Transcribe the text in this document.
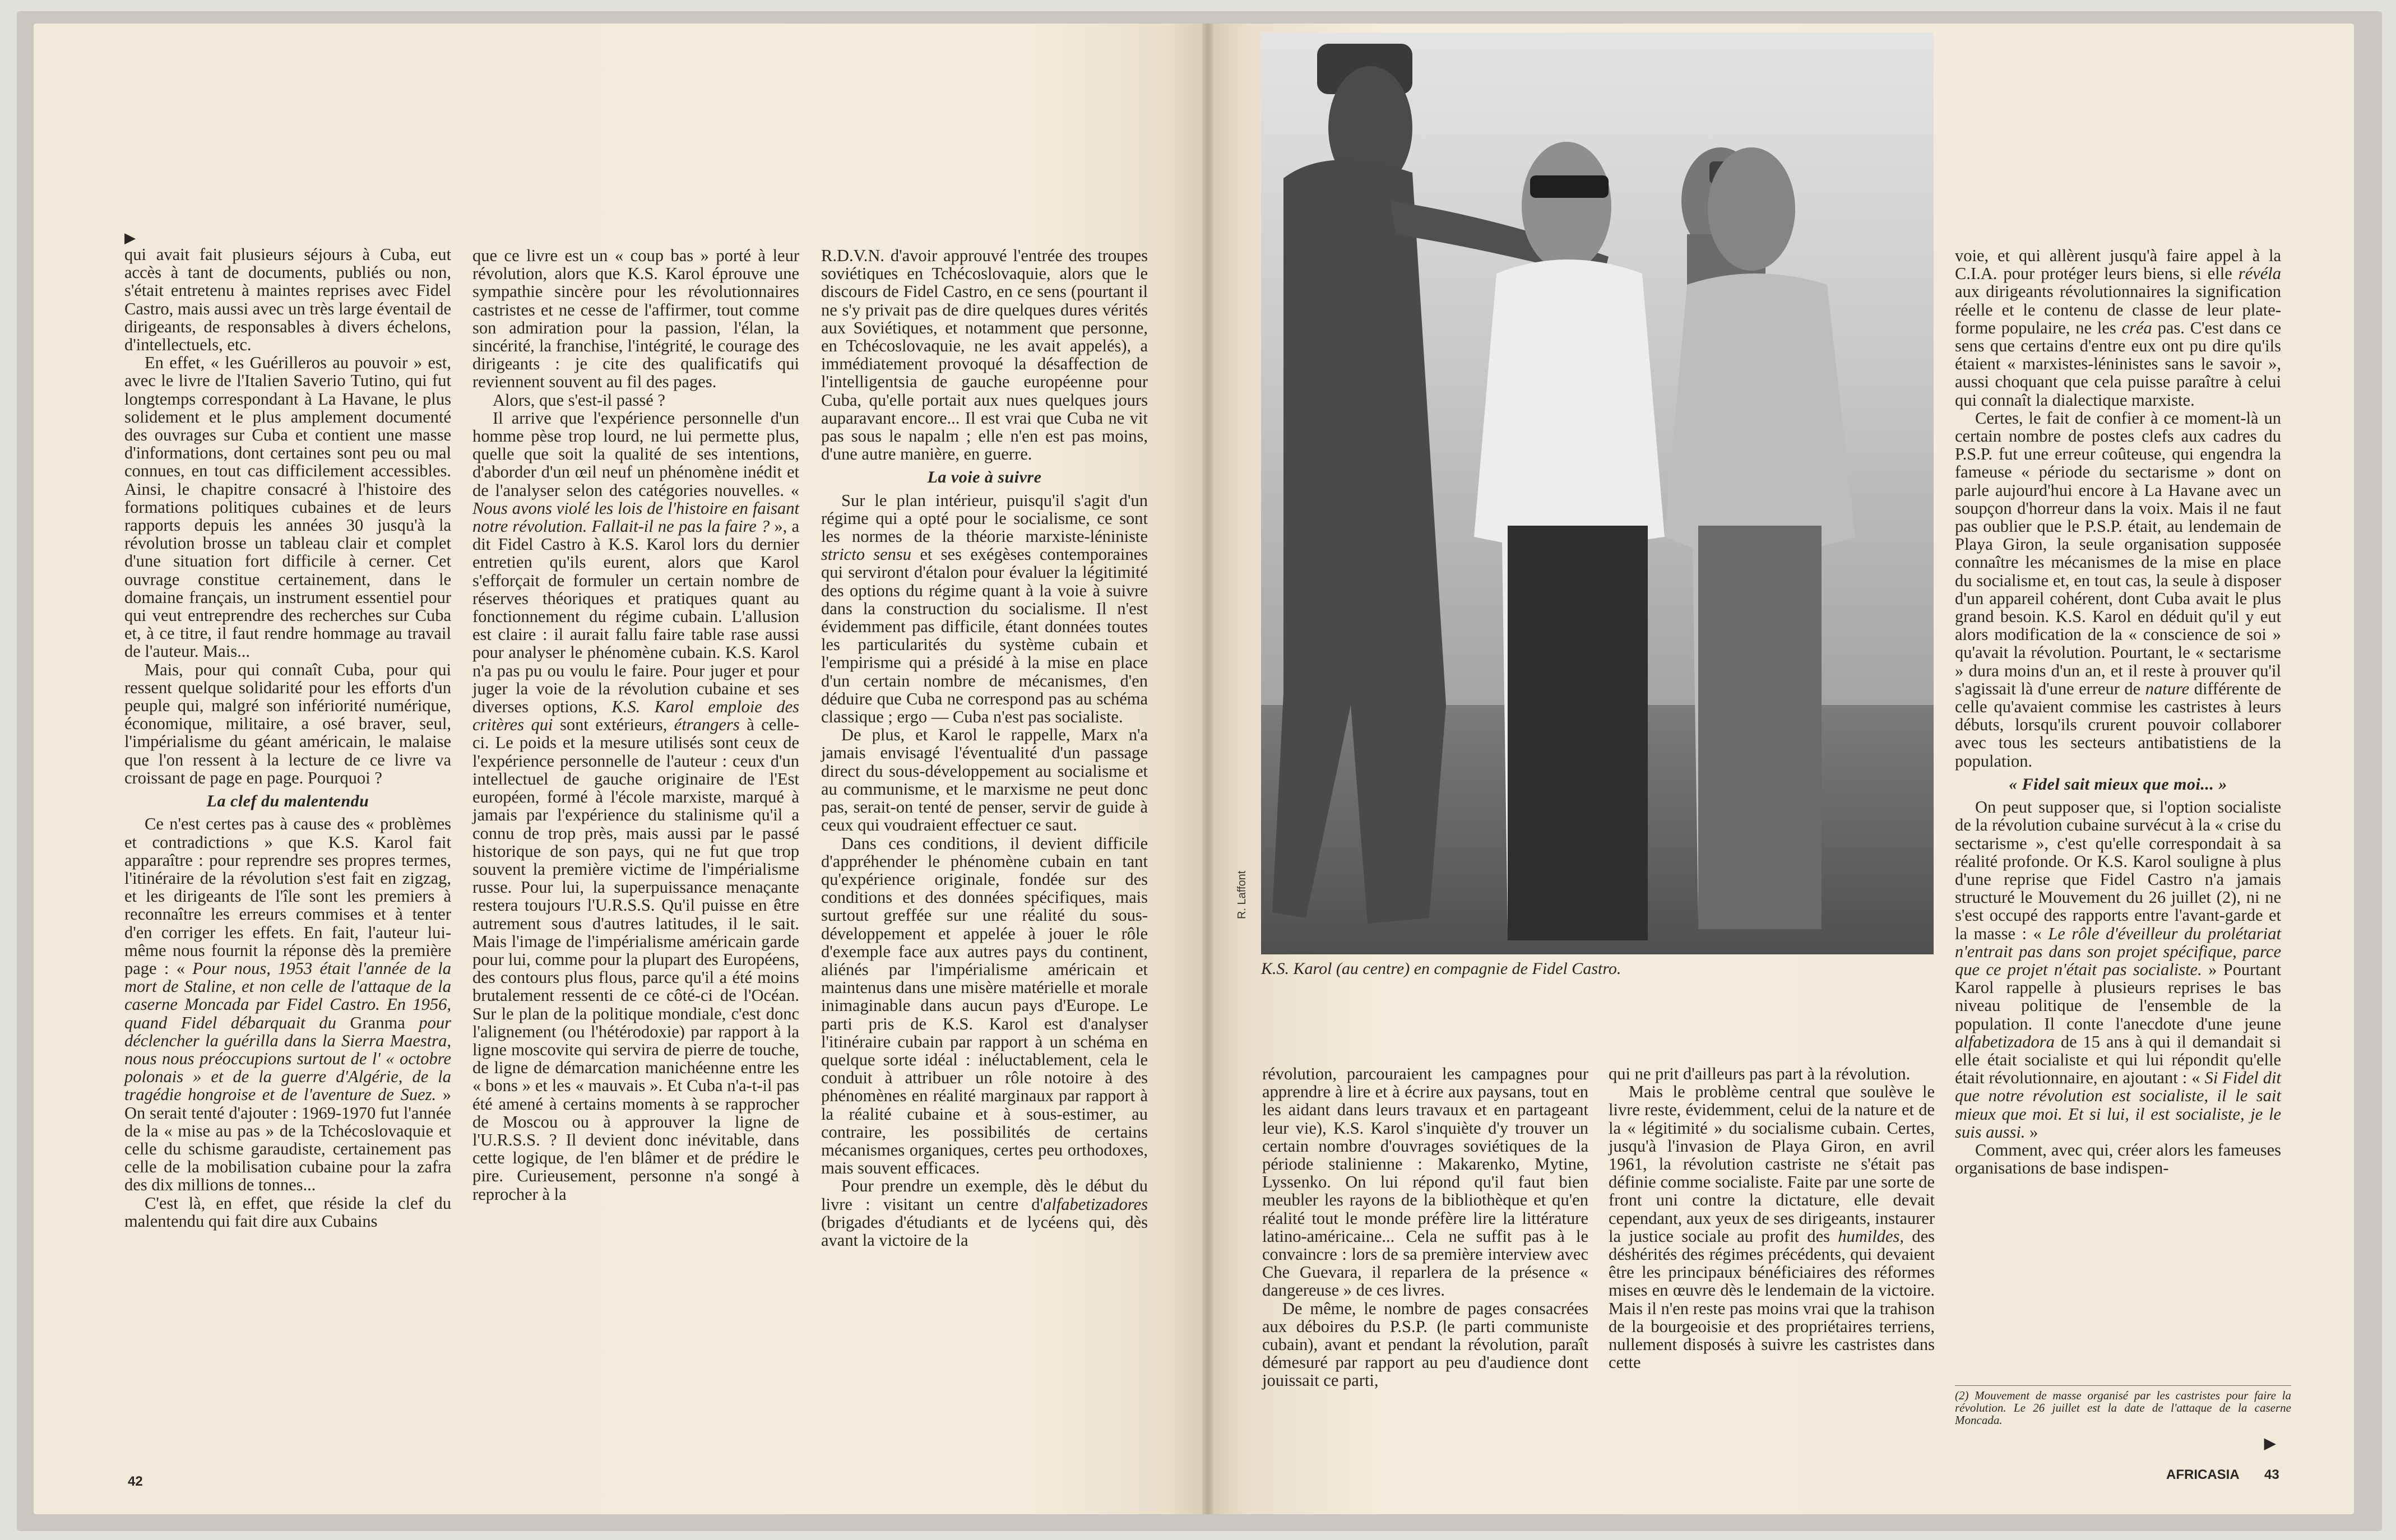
▶

qui avait fait plusieurs séjours à Cuba, eut accès à tant de documents, publiés ou non, s'était entretenu à maintes reprises avec Fidel Castro, mais aussi avec un très large éventail de dirigeants, de responsables à divers échelons, d'intellectuels, etc.

En effet, « les Guérilleros au pouvoir » est, avec le livre de l'Italien Saverio Tutino, qui fut longtemps correspondant à La Havane, le plus solidement et le plus amplement documenté des ouvrages sur Cuba et contient une masse d'informations, dont certaines sont peu ou mal connues, en tout cas difficilement accessibles. Ainsi, le chapitre consacré à l'histoire des formations politiques cubaines et de leurs rapports depuis les années 30 jusqu'à la révolution brosse un tableau clair et complet d'une situation fort difficile à cerner. Cet ouvrage constitue certainement, dans le domaine français, un instrument essentiel pour qui veut entreprendre des recherches sur Cuba et, à ce titre, il faut rendre hommage au travail de l'auteur. Mais...

Mais, pour qui connaît Cuba, pour qui ressent quelque solidarité pour les efforts d'un peuple qui, malgré son infériorité numérique, économique, militaire, a osé braver, seul, l'impérialisme du géant américain, le malaise que l'on ressent à la lecture de ce livre va croissant de page en page. Pourquoi ?

La clef du malentendu

Ce n'est certes pas à cause des « problèmes et contradictions » que K.S. Karol fait apparaître : pour reprendre ses propres termes, l'itinéraire de la révolution s'est fait en zigzag, et les dirigeants de l'île sont les premiers à reconnaître les erreurs commises et à tenter d'en corriger les effets. En fait, l'auteur lui-même nous fournit la réponse dès la première page : « Pour nous, 1953 était l'année de la mort de Staline, et non celle de l'attaque de la caserne Moncada par Fidel Castro. En 1956, quand Fidel débarquait du Granma pour déclencher la guérilla dans la Sierra Maestra, nous nous préoccupions surtout de l' « octobre polonais » et de la guerre d'Algérie, de la tragédie hongroise et de l'aventure de Suez. » On serait tenté d'ajouter : 1969-1970 fut l'année de la « mise au pas » de la Tchécoslovaquie et celle du schisme garaudiste, certainement pas celle de la mobilisation cubaine pour la zafra des dix millions de tonnes...

C'est là, en effet, que réside la clef du malentendu qui fait dire aux Cubains

que ce livre est un « coup bas » porté à leur révolution, alors que K.S. Karol éprouve une sympathie sincère pour les révolutionnaires castristes et ne cesse de l'affirmer, tout comme son admiration pour la passion, l'élan, la sincérité, la franchise, l'intégrité, le courage des dirigeants : je cite des qualificatifs qui reviennent souvent au fil des pages.

Alors, que s'est-il passé ?

Il arrive que l'expérience personnelle d'un homme pèse trop lourd, ne lui permette plus, quelle que soit la qualité de ses intentions, d'aborder d'un œil neuf un phénomène inédit et de l'analyser selon des catégories nouvelles. « Nous avons violé les lois de l'histoire en faisant notre révolution. Fallait-il ne pas la faire ? », a dit Fidel Castro à K.S. Karol lors du dernier entretien qu'ils eurent, alors que Karol s'efforçait de formuler un certain nombre de réserves théoriques et pratiques quant au fonctionnement du régime cubain. L'allusion est claire : il aurait fallu faire table rase aussi pour analyser le phénomène cubain. K.S. Karol n'a pas pu ou voulu le faire. Pour juger et pour juger la voie de la révolution cubaine et ses diverses options, K.S. Karol emploie des critères qui sont extérieurs, étrangers à celle-ci. Le poids et la mesure utilisés sont ceux de l'expérience personnelle de l'auteur : ceux d'un intellectuel de gauche originaire de l'Est européen, formé à l'école marxiste, marqué à jamais par l'expérience du stalinisme qu'il a connu de trop près, mais aussi par le passé historique de son pays, qui ne fut que trop souvent la première victime de l'impérialisme russe. Pour lui, la superpuissance menaçante restera toujours l'U.R.S.S. Qu'il puisse en être autrement sous d'autres latitudes, il le sait. Mais l'image de l'impérialisme américain garde pour lui, comme pour la plupart des Européens, des contours plus flous, parce qu'il a été moins brutalement ressenti de ce côté-ci de l'Océan. Sur le plan de la politique mondiale, c'est donc l'alignement (ou l'hétérodoxie) par rapport à la ligne moscovite qui servira de pierre de touche, de ligne de démarcation manichéenne entre les « bons » et les « mauvais ». Et Cuba n'a-t-il pas été amené à certains moments à se rapprocher de Moscou ou à approuver la ligne de l'U.R.S.S. ? Il devient donc inévitable, dans cette logique, de l'en blâmer et de prédire le pire. Curieusement, personne n'a songé à reprocher à la

R.D.V.N. d'avoir approuvé l'entrée des troupes soviétiques en Tchécoslovaquie, alors que le discours de Fidel Castro, en ce sens (pourtant il ne s'y privait pas de dire quelques dures vérités aux Soviétiques, et notamment que personne, en Tchécoslovaquie, ne les avait appelés), a immédiatement provoqué la désaffection de l'intelligentsia de gauche européenne pour Cuba, qu'elle portait aux nues quelques jours auparavant encore... Il est vrai que Cuba ne vit pas sous le napalm ; elle n'en est pas moins, d'une autre manière, en guerre.

La voie à suivre

Sur le plan intérieur, puisqu'il s'agit d'un régime qui a opté pour le socialisme, ce sont les normes de la théorie marxiste-léniniste stricto sensu et ses exégèses contemporaines qui serviront d'étalon pour évaluer la légitimité des options du régime quant à la voie à suivre dans la construction du socialisme. Il n'est évidemment pas difficile, étant données toutes les particularités du système cubain et l'empirisme qui a présidé à la mise en place d'un certain nombre de mécanismes, d'en déduire que Cuba ne correspond pas au schéma classique ; ergo — Cuba n'est pas socialiste.

De plus, et Karol le rappelle, Marx n'a jamais envisagé l'éventualité d'un passage direct du sous-développement au socialisme et au communisme, et le marxisme ne peut donc pas, serait-on tenté de penser, servir de guide à ceux qui voudraient effectuer ce saut.

Dans ces conditions, il devient difficile d'appréhender le phénomène cubain en tant qu'expérience originale, fondée sur des conditions et des données spécifiques, mais surtout greffée sur une réalité du sous-développement et appelée à jouer le rôle d'exemple face aux autres pays du continent, aliénés par l'impérialisme américain et maintenus dans une misère matérielle et morale inimaginable dans aucun pays d'Europe. Le parti pris de K.S. Karol est d'analyser l'itinéraire cubain par rapport à un schéma en quelque sorte idéal : inéluctablement, cela le conduit à attribuer un rôle notoire à des phénomènes en réalité marginaux par rapport à la réalité cubaine et à sous-estimer, au contraire, les possibilités de certains mécanismes organiques, certes peu orthodoxes, mais souvent efficaces.

Pour prendre un exemple, dès le début du livre : visitant un centre d'alfabetizadores (brigades d'étudiants et de lycéens qui, dès avant la victoire de la

42
R. Laffont
K.S. Karol (au centre) en compagnie de Fidel Castro.

révolution, parcouraient les campagnes pour apprendre à lire et à écrire aux paysans, tout en les aidant dans leurs travaux et en partageant leur vie), K.S. Karol s'inquiète d'y trouver un certain nombre d'ouvrages soviétiques de la période stalinienne : Makarenko, Mytine, Lyssenko. On lui répond qu'il faut bien meubler les rayons de la bibliothèque et qu'en réalité tout le monde préfère lire la littérature latino-américaine... Cela ne suffit pas à le convaincre : lors de sa première interview avec Che Guevara, il reparlera de la présence « dangereuse » de ces livres.

De même, le nombre de pages consacrées aux déboires du P.S.P. (le parti communiste cubain), avant et pendant la révolution, paraît démesuré par rapport au peu d'audience dont jouissait ce parti,

qui ne prit d'ailleurs pas part à la révolution.

Mais le problème central que soulève le livre reste, évidemment, celui de la nature et de la « légitimité » du socialisme cubain. Certes, jusqu'à l'invasion de Playa Giron, en avril 1961, la révolution castriste ne s'était pas définie comme socialiste. Faite par une sorte de front uni contre la dictature, elle devait cependant, aux yeux de ses dirigeants, instaurer la justice sociale au profit des humildes, des déshérités des régimes précédents, qui devaient être les principaux bénéficiaires des réformes mises en œuvre dès le lendemain de la victoire. Mais il n'en reste pas moins vrai que la trahison de la bourgeoisie et des propriétaires terriens, nullement disposés à suivre les castristes dans cette

voie, et qui allèrent jusqu'à faire appel à la C.I.A. pour protéger leurs biens, si elle révéla aux dirigeants révolutionnaires la signification réelle et le contenu de classe de leur plate-forme populaire, ne les créa pas. C'est dans ce sens que certains d'entre eux ont pu dire qu'ils étaient « marxistes-léninistes sans le savoir », aussi choquant que cela puisse paraître à celui qui connaît la dialectique marxiste.

Certes, le fait de confier à ce moment-là un certain nombre de postes clefs aux cadres du P.S.P. fut une erreur coûteuse, qui engendra la fameuse « période du sectarisme » dont on parle aujourd'hui encore à La Havane avec un soupçon d'horreur dans la voix. Mais il ne faut pas oublier que le P.S.P. était, au lendemain de Playa Giron, la seule organisation supposée connaître les mécanismes de la mise en place du socialisme et, en tout cas, la seule à disposer d'un appareil cohérent, dont Cuba avait le plus grand besoin. K.S. Karol en déduit qu'il y eut alors modification de la « conscience de soi » qu'avait la révolution. Pourtant, le « sectarisme » dura moins d'un an, et il reste à prouver qu'il s'agissait là d'une erreur de nature différente de celle qu'avaient commise les castristes à leurs débuts, lorsqu'ils crurent pouvoir collaborer avec tous les secteurs antibatistiens de la population.

« Fidel sait mieux que moi... »

On peut supposer que, si l'option socialiste de la révolution cubaine survécut à la « crise du sectarisme », c'est qu'elle correspondait à sa réalité profonde. Or K.S. Karol souligne à plus d'une reprise que Fidel Castro n'a jamais structuré le Mouvement du 26 juillet (2), ni ne s'est occupé des rapports entre l'avant-garde et la masse : « Le rôle d'éveilleur du prolétariat n'entrait pas dans son projet spécifique, parce que ce projet n'était pas socialiste. » Pourtant Karol rappelle à plusieurs reprises le bas niveau politique de l'ensemble de la population. Il conte l'anecdote d'une jeune alfabetizadora de 15 ans à qui il demandait si elle était socialiste et qui lui répondit qu'elle était révolutionnaire, en ajoutant : « Si Fidel dit que notre révolution est socialiste, il le sait mieux que moi. Et si lui, il est socialiste, je le suis aussi. »

Comment, avec qui, créer alors les fameuses organisations de base indispen-

(2) Mouvement de masse organisé par les castristes pour faire la révolution. Le 26 juillet est la date de l'attaque de la caserne Moncada.
▶
AFRICASIA 43
